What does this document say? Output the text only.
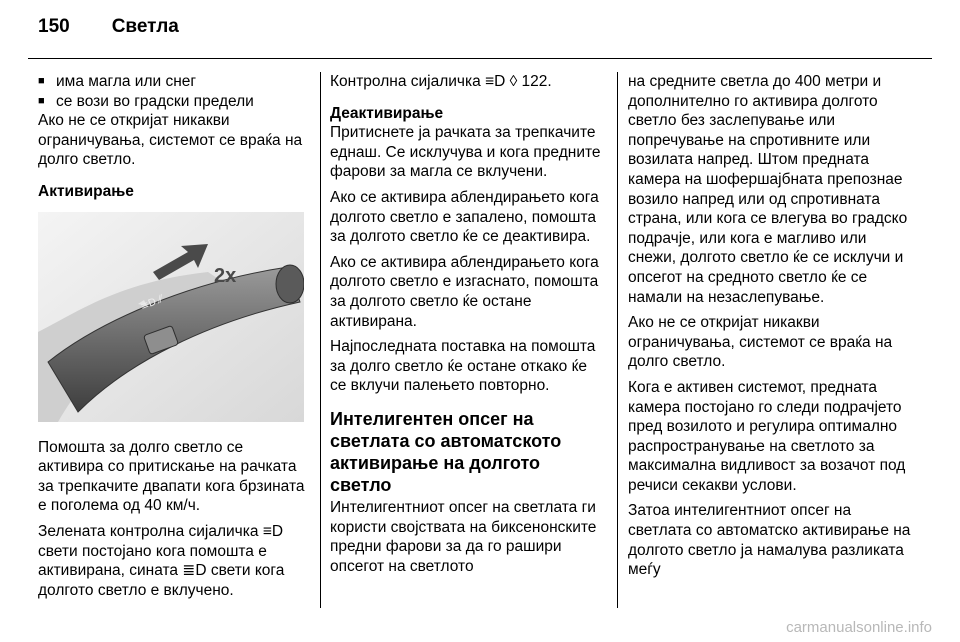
150 Светла
■ има магла или снег
■ се вози во градски предели

Ако не се откријат никакви ограничувања, системот се враќа на долго светло.

Активирање
≡D ⁄⁄
2x

Помошта за долго светло се активира со притискање на рачката за трепкачите двапати кога брзината е поголема од 40 км/ч.

Зелената контролна сијаличка ≡D свети постојано кога помошта е активирана, сината ≣D свети кога долгото светло е вклучено.

Контролна сијаличка ≡D ◊ 122.

Деактивирање

Притиснете ја рачката за трепкачите еднаш. Се исклучува и кога предните фарови за магла се вклучени.

Ако се активира аблендирањето кога долгото светло е запалено, помошта за долгото светло ќе се деактивира.

Ако се активира аблендирањето кога долгото светло е изгаснато, помошта за долгото светло ќе остане активирана.

Најпоследната поставка на помошта за долго светло ќе остане откако ќе се вклучи палењето повторно.

Интелигентен опсег на светлата со автоматското активирање на долгото светло

Интелигентниот опсег на светлата ги користи својствата на биксенонските предни фарови за да го рашири опсегот на светлото

на средните светла до 400 метри и дополнително го активира долгото светло без заслепување или попречување на спротивните или возилата напред. Штом предната камера на шофершајбната препознае возило напред или од спротивната страна, или кога се влегува во градско подрачје, или кога е магливо или снежи, долгото светло ќе се исклучи и опсегот на средното светло ќе се намали на незаслепување.

Ако не се откријат никакви ограничувања, системот се враќа на долго светло.

Кога е активен системот, предната камера постојано го следи подрачјето пред возилото и регулира оптимално распространување на светлото за максимална видливост за возачот под речиси секакви услови.

Затоа интелигентниот опсег на светлата со автоматско активирање на долгото светло ја намалува разликата меѓу

carmanualsonline.info
